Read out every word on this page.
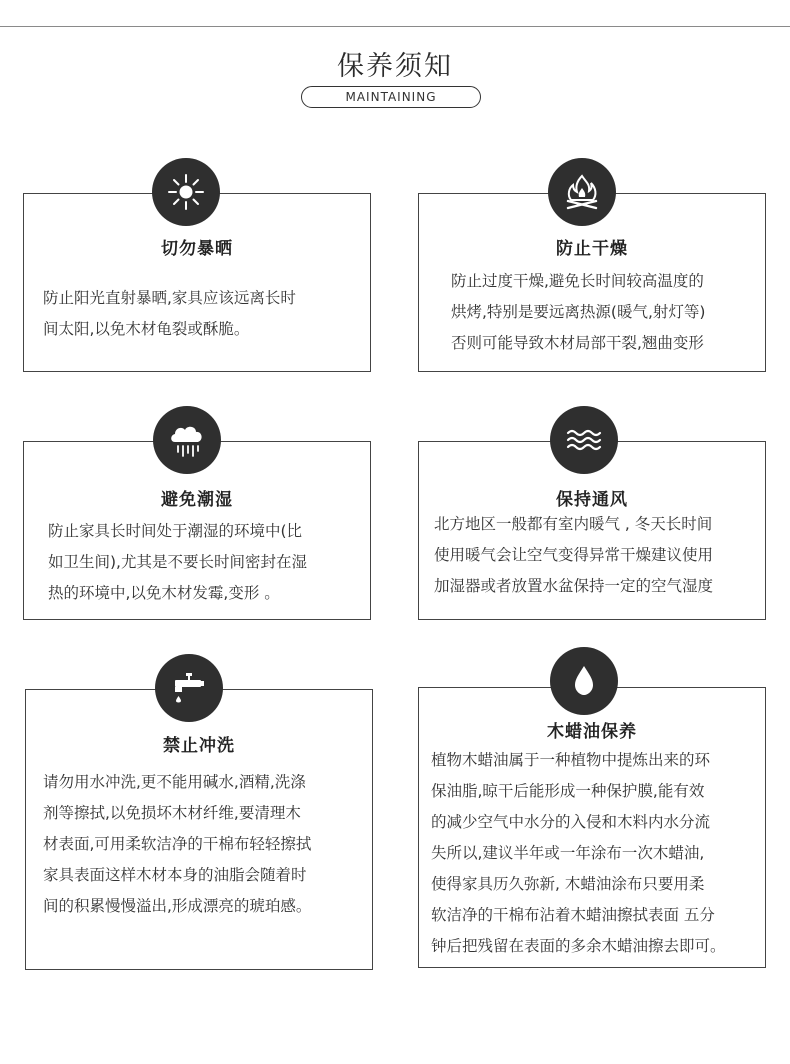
保养须知
MAINTAINING
切勿暴晒
防止阳光直射暴晒,家具应该远离长时
间太阳,以免木材龟裂或酥脆。
防止干燥
防止过度干燥,避免长时间较高温度的
烘烤,特别是要远离热源(暖气,射灯等)
否则可能导致木材局部干裂,翘曲变形
避免潮湿
防止家具长时间处于潮湿的环境中(比
如卫生间),尤其是不要长时间密封在湿
热的环境中,以免木材发霉,变形 。
保持通风
北方地区一般都有室内暖气 , 冬天长时间
使用暖气会让空气变得异常干燥建议使用
加湿器或者放置水盆保持一定的空气湿度
禁止冲洗
请勿用水冲洗,更不能用碱水,酒精,洗涤
剂等擦拭,以免损坏木材纤维,要清理木
材表面,可用柔软洁净的干棉布轻轻擦拭
家具表面这样木材本身的油脂会随着时
间的积累慢慢溢出,形成漂亮的琥珀感。
木蜡油保养
植物木蜡油属于一种植物中提炼出来的环
保油脂,晾干后能形成一种保护膜,能有效
的减少空气中水分的入侵和木料内水分流
失所以,建议半年或一年涂布一次木蜡油,
使得家具历久弥新, 木蜡油涂布只要用柔
软洁净的干棉布沾着木蜡油擦拭表面 五分
钟后把残留在表面的多余木蜡油擦去即可。
